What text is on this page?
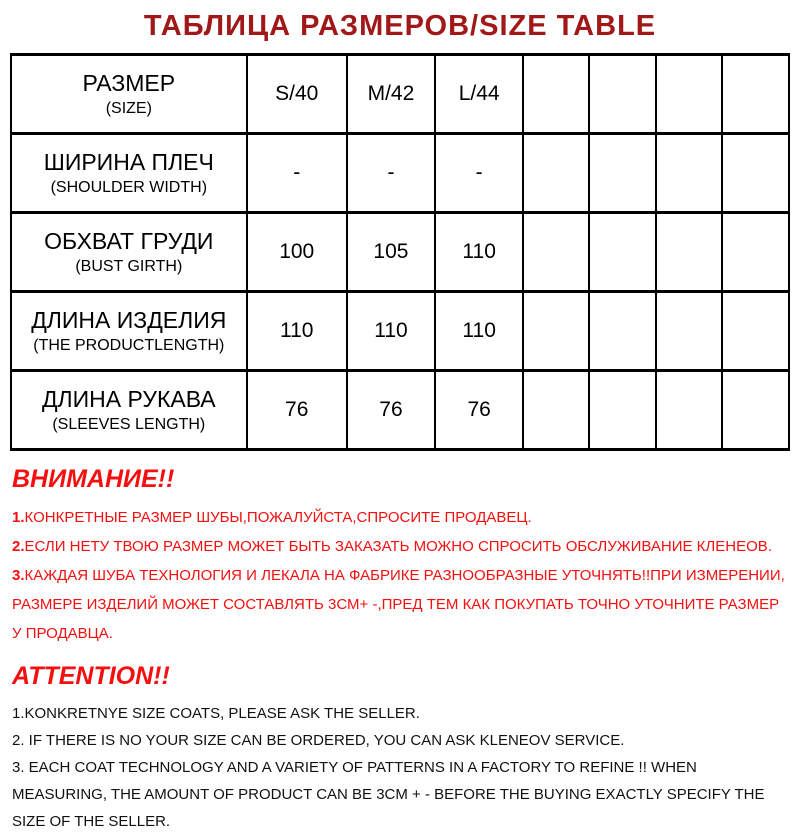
ТАБЛИЦА РАЗМЕРОВ/SIZE TABLE
РАЗМЕР
(SIZE)	S/40	M/42	L/44				

ШИРИНА ПЛЕЧ
(SHOULDER WIDTH)	-	-	-				

ОБХВАТ ГРУДИ
(BUST GIRTH)	100	105	110				

ДЛИНА ИЗДЕЛИЯ
(THE PRODUCTLENGTH)	110	110	110				

ДЛИНА РУКАВА
(SLEEVES LENGTH)	76	76	76				
ВНИМАНИЕ!!
1.КОНКРЕТНЫЕ РАЗМЕР ШУБЫ,ПОЖАЛУЙСТА,СПРОСИТЕ ПРОДАВЕЦ.
2.ЕСЛИ НЕТУ ТВОЮ РАЗМЕР МОЖЕТ БЫТЬ ЗАКАЗАТЬ МОЖНО СПРОСИТЬ ОБСЛУЖИВАНИЕ КЛЕНЕОВ.
3.КАЖДАЯ ШУБА ТЕХНОЛОГИЯ И ЛЕКАЛА НА ФАБРИКЕ РАЗНООБРАЗНЫЕ УТОЧНЯТЬ!!ПРИ ИЗМЕРЕНИИ, РАЗМЕРЕ ИЗДЕЛИЙ МОЖЕТ СОСТАВЛЯТЬ 3СМ+ -,ПРЕД ТЕМ КАК ПОКУПАТЬ ТОЧНО УТОЧНИТЕ РАЗМЕР У ПРОДАВЦА.
ATTENTION!!
1.KONKRETNYE SIZE COATS, PLEASE ASK THE SELLER.
2. IF THERE IS NO YOUR SIZE CAN BE ORDERED, YOU CAN ASK KLENEOV SERVICE.
3. EACH COAT TECHNOLOGY AND A VARIETY OF PATTERNS IN A FACTORY TO REFINE !! WHEN MEASURING, THE AMOUNT OF PRODUCT CAN BE 3CM + - BEFORE THE BUYING EXACTLY SPECIFY THE SIZE OF THE SELLER.
